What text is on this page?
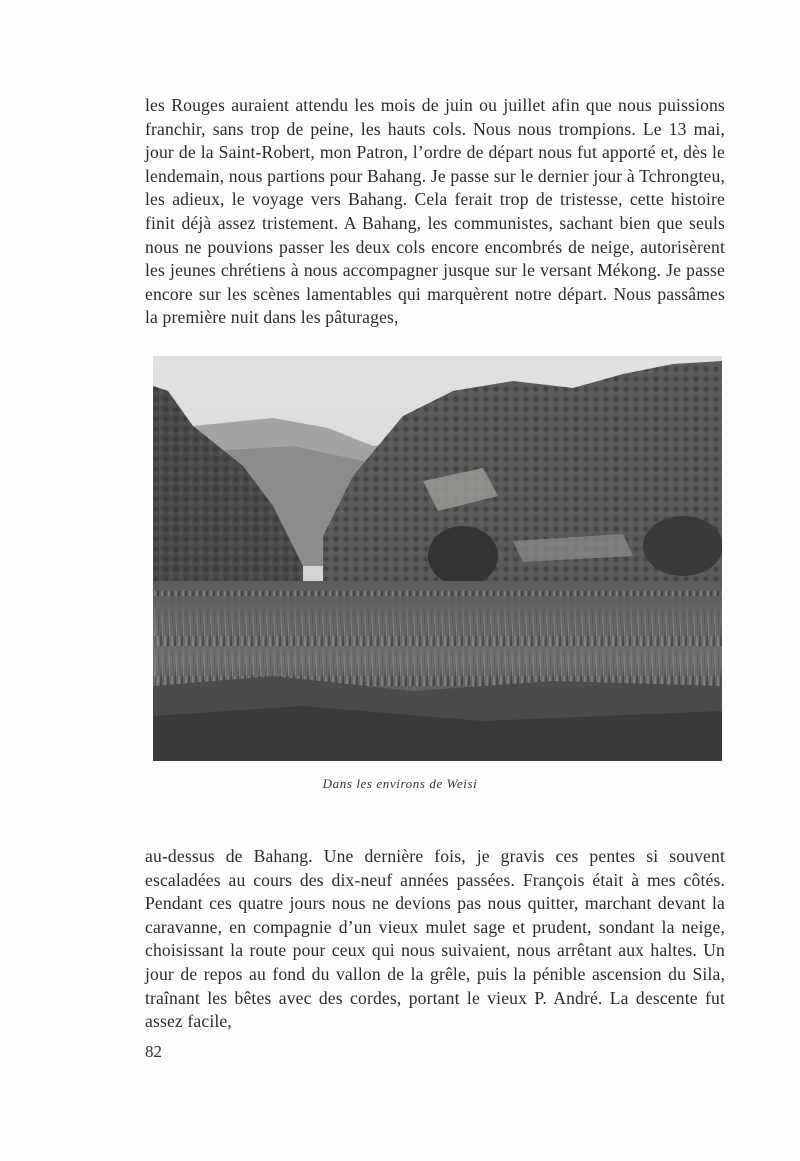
les Rouges auraient attendu les mois de juin ou juillet afin que nous puissions franchir, sans trop de peine, les hauts cols. Nous nous trompions. Le 13 mai, jour de la Saint-Robert, mon Patron, l’ordre de départ nous fut apporté et, dès le lendemain, nous partions pour Bahang. Je passe sur le dernier jour à Tchrongteu, les adieux, le voyage vers Bahang. Cela ferait trop de tristesse, cette histoire finit déjà assez tristement. A Bahang, les communistes, sachant bien que seuls nous ne pouvions passer les deux cols encore encombrés de neige, autorisèrent les jeunes chrétiens à nous accompagner jusque sur le versant Mékong. Je passe encore sur les scènes lamentables qui marquèrent notre départ. Nous passâmes la première nuit dans les pâturages,

Dans les environs de Weisi

au-dessus de Bahang. Une dernière fois, je gravis ces pentes si souvent escaladées au cours des dix-neuf années passées. François était à mes côtés. Pendant ces quatre jours nous ne devions pas nous quitter, marchant devant la caravanne, en compagnie d’un vieux mulet sage et prudent, sondant la neige, choisissant la route pour ceux qui nous suivaient, nous arrêtant aux haltes. Un jour de repos au fond du vallon de la grêle, puis la pénible ascension du Sila, traînant les bêtes avec des cordes, portant le vieux P. André. La descente fut assez facile,

82
